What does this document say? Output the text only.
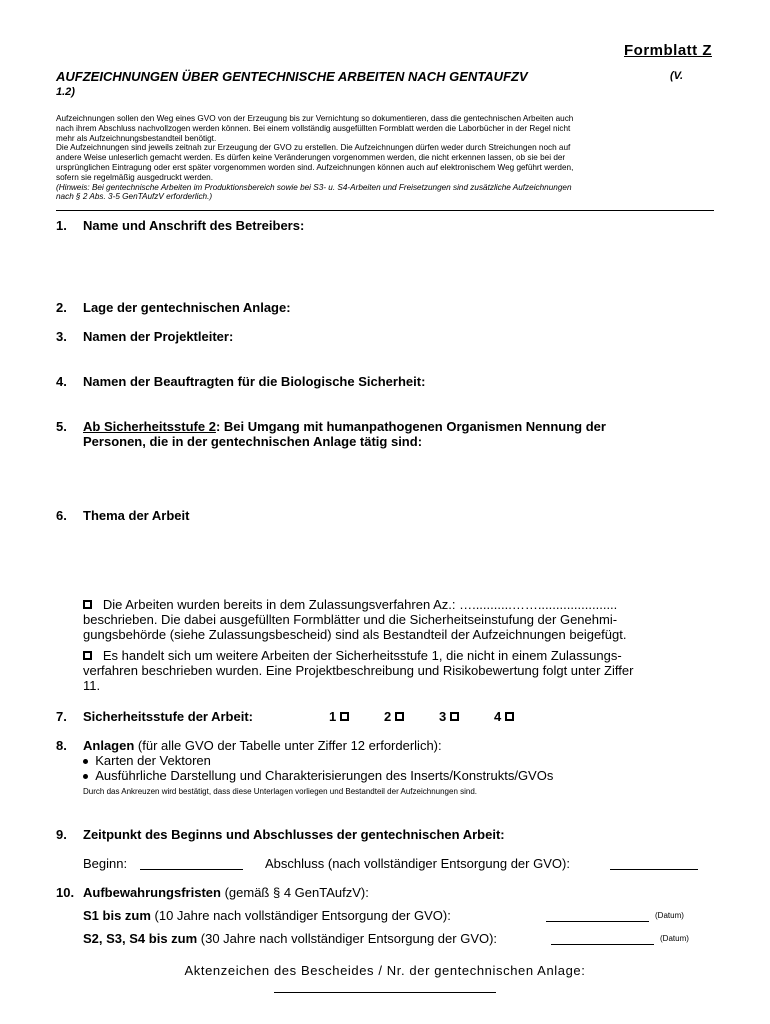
Formblatt Z
AUFZEICHNUNGEN ÜBER GENTECHNISCHE ARBEITEN NACH GENTAUFZV	(V.
1.2)
Aufzeichnungen sollen den Weg eines GVO von der Erzeugung bis zur Vernichtung so dokumentieren, dass die gentechnischen Arbeiten auch
nach ihrem Abschluss nachvollzogen werden können. Bei einem vollständig ausgefüllten Formblatt werden die Laborbücher in der Regel nicht
mehr als Aufzeichnungsbestandteil benötigt.
Die Aufzeichnungen sind jeweils zeitnah zur Erzeugung der GVO zu erstellen. Die Aufzeichnungen dürfen weder durch Streichungen noch auf
andere Weise unleserlich gemacht werden. Es dürfen keine Veränderungen vorgenommen werden, die nicht erkennen lassen, ob sie bei der
ursprünglichen Eintragung oder erst später vorgenommen worden sind. Aufzeichnungen können auch auf elektronischem Weg geführt werden,
sofern sie regelmäßig ausgedruckt werden.
(Hinweis: Bei gentechnische Arbeiten im Produktionsbereich sowie bei S3- u. S4-Arbeiten und Freisetzungen sind zusätzliche Aufzeichnungen
nach § 2 Abs. 3-5 GenTAufzV erforderlich.)
1. Name und Anschrift des Betreibers:
2. Lage der gentechnischen Anlage:
3. Namen der Projektleiter:
4. Namen der Beauftragten für die Biologische Sicherheit:
5. Ab Sicherheitsstufe 2: Bei Umgang mit humanpathogenen Organismen Nennung der
Personen, die in der gentechnischen Anlage tätig sind:
6. Thema der Arbeit
Die Arbeiten wurden bereits in dem Zulassungsverfahren Az.: …...........……......................
beschrieben. Die dabei ausgefüllten Formblätter und die Sicherheitseinstufung der Genehmi-
gungsbehörde (siehe Zulassungsbescheid) sind als Bestandteil der Aufzeichnungen beigefügt.
Es handelt sich um weitere Arbeiten der Sicherheitsstufe 1, die nicht in einem Zulassungs-
verfahren beschrieben wurden. Eine Projektbeschreibung und Risikobewertung folgt unter Ziffer
11.
7. Sicherheitsstufe der Arbeit:	1	2	3	4
8. Anlagen (für alle GVO der Tabelle unter Ziffer 12 erforderlich):
Karten der Vektoren
Ausführliche Darstellung und Charakterisierungen des Inserts/Konstrukts/GVOs
Durch das Ankreuzen wird bestätigt, dass diese Unterlagen vorliegen und Bestandteil der Aufzeichnungen sind.
9. Zeitpunkt des Beginns und Abschlusses der gentechnischen Arbeit:
Beginn:	Abschluss (nach vollständiger Entsorgung der GVO):
10. Aufbewahrungsfristen (gemäß § 4 GenTAufzV):
S1 bis zum (10 Jahre nach vollständiger Entsorgung der GVO):	(Datum)
S2, S3, S4 bis zum (30 Jahre nach vollständiger Entsorgung der GVO):	(Datum)
Aktenzeichen des Bescheides / Nr. der gentechnischen Anlage:
